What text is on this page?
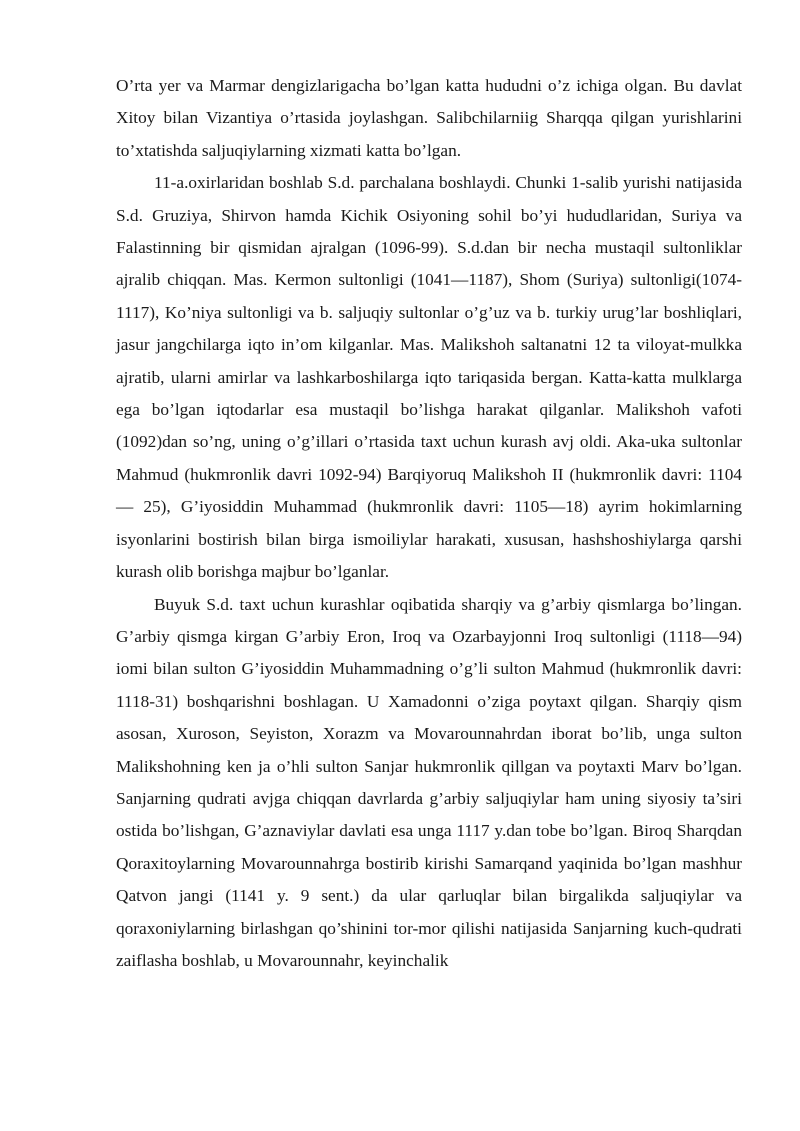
O’rta yer va Marmar dengizlarigacha bo’lgan katta hududni o’z ichiga olgan. Bu davlat Xitoy bilan Vizantiya o’rtasida joylashgan. Salibchilarniig Sharqqa qilgan yurishlarini to’xtatishda saljuqiylarning xizmati katta bo’lgan.

11-a.oxirlaridan boshlab S.d. parchalana boshlaydi. Chunki 1-salib yurishi natijasida S.d. Gruziya, Shirvon hamda Kichik Osiyoning sohil bo’yi hududlaridan, Suriya va Falastinning bir qismidan ajralgan (1096-99). S.d.dan bir necha mustaqil sultonliklar ajralib chiqqan. Mas. Kermon sultonligi (1041—1187), Shom (Suriya) sultonligi(1074-1117), Ko’niya sultonligi va b. saljuqiy sultonlar o’g’uz va b. turkiy urug’lar boshliqlari, jasur jangchilarga iqto in’om kilganlar. Mas. Malikshoh saltanatni 12 ta viloyat-mulkka ajratib, ularni amirlar va lashkarboshilarga iqto tariqasida bergan. Katta-katta mulklarga ega bo’lgan iqtodarlar esa mustaqil bo’lishga harakat qilganlar. Malikshoh vafoti (1092)dan so’ng, uning o’g’illari o’rtasida taxt uchun kurash avj oldi. Aka-uka sultonlar Mahmud (hukmronlik davri 1092-94) Barqiyoruq Malikshoh II (hukmronlik davri: 1104— 25), G’iyosiddin Muhammad (hukmronlik davri: 1105—18) ayrim hokimlarning isyonlarini bostirish bilan birga ismoiliylar harakati, xususan, hashshoshiylarga qarshi kurash olib borishga majbur bo’lganlar.

Buyuk S.d. taxt uchun kurashlar oqibatida sharqiy va g’arbiy qismlarga bo’lingan. G’arbiy qismga kirgan G’arbiy Eron, Iroq va Ozarbayjonni Iroq sultonligi (1118—94) iomi bilan sulton G’iyosiddin Muhammadning o’g’li sulton Mahmud (hukmronlik davri: 1118-31) boshqarishni boshlagan. U Xamadonni o’ziga poytaxt qilgan. Sharqiy qism asosan, Xuroson, Seyiston, Xorazm va Movarounnahrdan iborat bo’lib, unga sulton Malikshohning ken ja o’hli sulton Sanjar hukmronlik qillgan va poytaxti Marv bo’lgan. Sanjarning qudrati avjga chiqqan davrlarda g’arbiy saljuqiylar ham uning siyosiy ta’siri ostida bo’lishgan, G’aznaviylar davlati esa unga 1117 y.dan tobe bo’lgan. Biroq Sharqdan Qoraxitoylarning Movarounnahrga bostirib kirishi Samarqand yaqinida bo’lgan mashhur Qatvon jangi (1141 y. 9 sent.) da ular qarluqlar bilan birgalikda saljuqiylar va qoraxoniylarning birlashgan qo’shinini tor-mor qilishi natijasida Sanjarning kuch-qudrati zaiflasha boshlab, u Movarounnahr, keyinchalik
